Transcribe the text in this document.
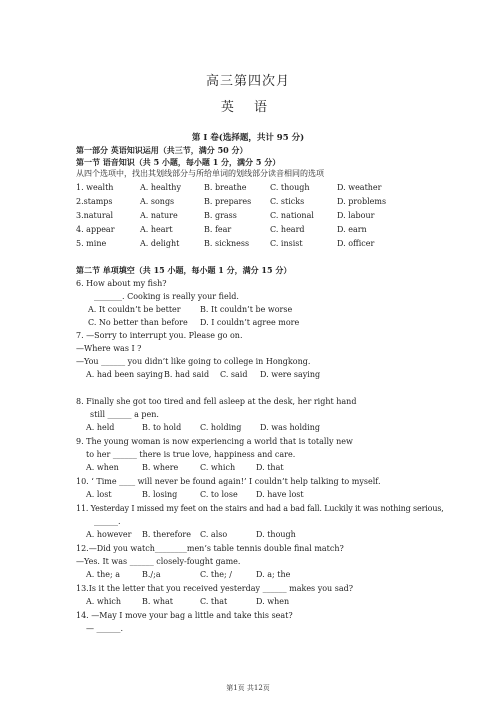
高三第四次月
英 语
第 I 卷(选择题，共计 95 分)
第一部分 英语知识运用（共三节，满分 50 分）
第一节 语音知识（共 5 小题，每小题 1 分，满分 5 分）
从四个选项中，找出其划线部分与所给单词的划线部分读音相同的选项
1. wealth	A. healthy	B. breathe	C. though	D. weather
2.stamps	A. songs	B. prepares C. sticks	D. problems
3.natural	A. nature	B. grass	C. national	D. labour
4. appear	A. heart	B. fear	C. heard	D. earn
5. mine	A. delight	B. sickness	C. insist	D. officer
第二节 单项填空（共 15 小题，每小题 1 分，满分 15 分）
6. How about my fish?
_______. Cooking is really your field.
A. It couldn’t be better B. It couldn’t be worse
C. No better than before D. I couldn’t agree more
7. —Sorry to interrupt you. Please go on.
—Where was I ?
—You ______ you didn’t like going to college in Hongkong.
A. had been saying B. had said C. said D. were saying
8. Finally she got too tired and fell asleep at the desk, her right hand
still ______ a pen.
A. held	B. to hold C. holding D. was holding
9. The young woman is now experiencing a world that is totally new
to her ______ there is true love, happiness and care.
A. when	B. where	C. which	D. that
10. ‘ Time ____ will never be found again!’ I couldn’t help talking to myself.
A. lost	B. losing	C. to lose D. have lost
11. Yesterday I missed my feet on the stairs and had a bad fall. Luckily it was nothing serious,
______.
A. however B. therefore C. also	D. though
12.—Did you watch________men’s table tennis double final match?
—Yes. It was ______ closely-fought game.
A. the; a	B./;a	C. the; /	D. a; the
13.Is it the letter that you received yesterday ______ makes you sad?
A. which	B. what	C. that	D. when
14. —May I move your bag a little and take this seat?
— ______.
第1页 共12页
